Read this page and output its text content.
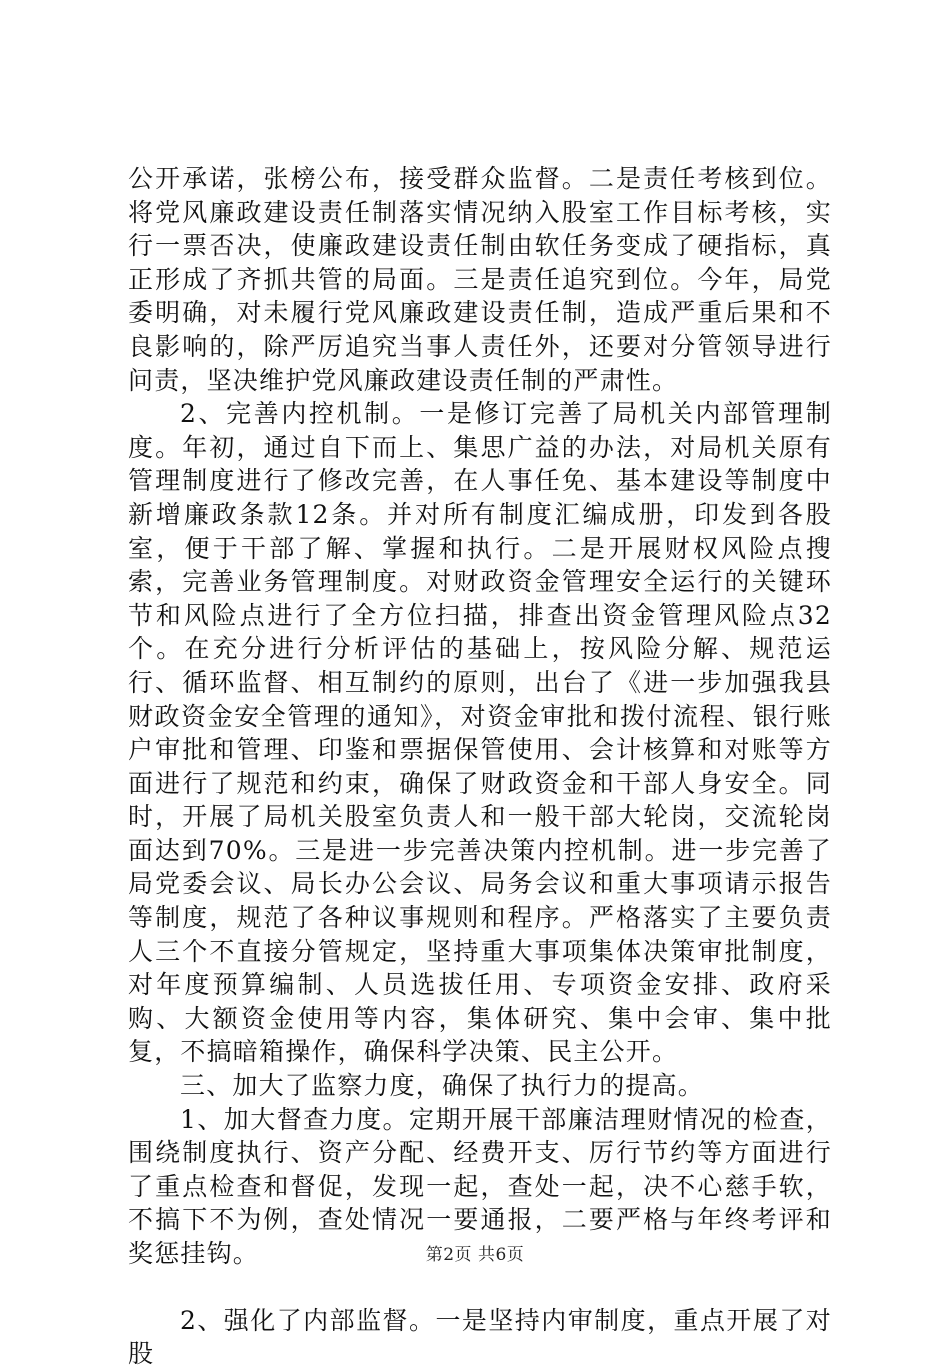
公开承诺，张榜公布，接受群众监督。二是责任考核到位。将党风廉政建设责任制落实情况纳入股室工作目标考核，实行一票否决，使廉政建设责任制由软任务变成了硬指标，真正形成了齐抓共管的局面。三是责任追究到位。今年，局党委明确，对未履行党风廉政建设责任制，造成严重后果和不良影响的，除严厉追究当事人责任外，还要对分管领导进行问责，坚决维护党风廉政建设责任制的严肃性。

2、完善内控机制。一是修订完善了局机关内部管理制度。年初，通过自下而上、集思广益的办法，对局机关原有管理制度进行了修改完善，在人事任免、基本建设等制度中新增廉政条款12条。并对所有制度汇编成册，印发到各股室，便于干部了解、掌握和执行。二是开展财权风险点搜索，完善业务管理制度。对财政资金管理安全运行的关键环节和风险点进行了全方位扫描，排查出资金管理风险点32个。在充分进行分析评估的基础上，按风险分解、规范运行、循环监督、相互制约的原则，出台了《进一步加强我县财政资金安全管理的通知》，对资金审批和拨付流程、银行账户审批和管理、印鉴和票据保管使用、会计核算和对账等方面进行了规范和约束，确保了财政资金和干部人身安全。同时，开展了局机关股室负责人和一般干部大轮岗，交流轮岗面达到70%。三是进一步完善决策内控机制。进一步完善了局党委会议、局长办公会议、局务会议和重大事项请示报告等制度，规范了各种议事规则和程序。严格落实了主要负责人三个不直接分管规定，坚持重大事项集体决策审批制度，对年度预算编制、人员选拔任用、专项资金安排、政府采购、大额资金使用等内容，集体研究、集中会审、集中批复，不搞暗箱操作，确保科学决策、民主公开。

三、加大了监察力度，确保了执行力的提高。

1、加大督查力度。定期开展干部廉洁理财情况的检查，围绕制度执行、资产分配、经费开支、厉行节约等方面进行了重点检查和督促，发现一起，查处一起，决不心慈手软，不搞下不为例，查处情况一要通报，二要严格与年终考评和奖惩挂钩。

2、强化了内部监督。一是坚持内审制度，重点开展了对股

第2页 共6页
